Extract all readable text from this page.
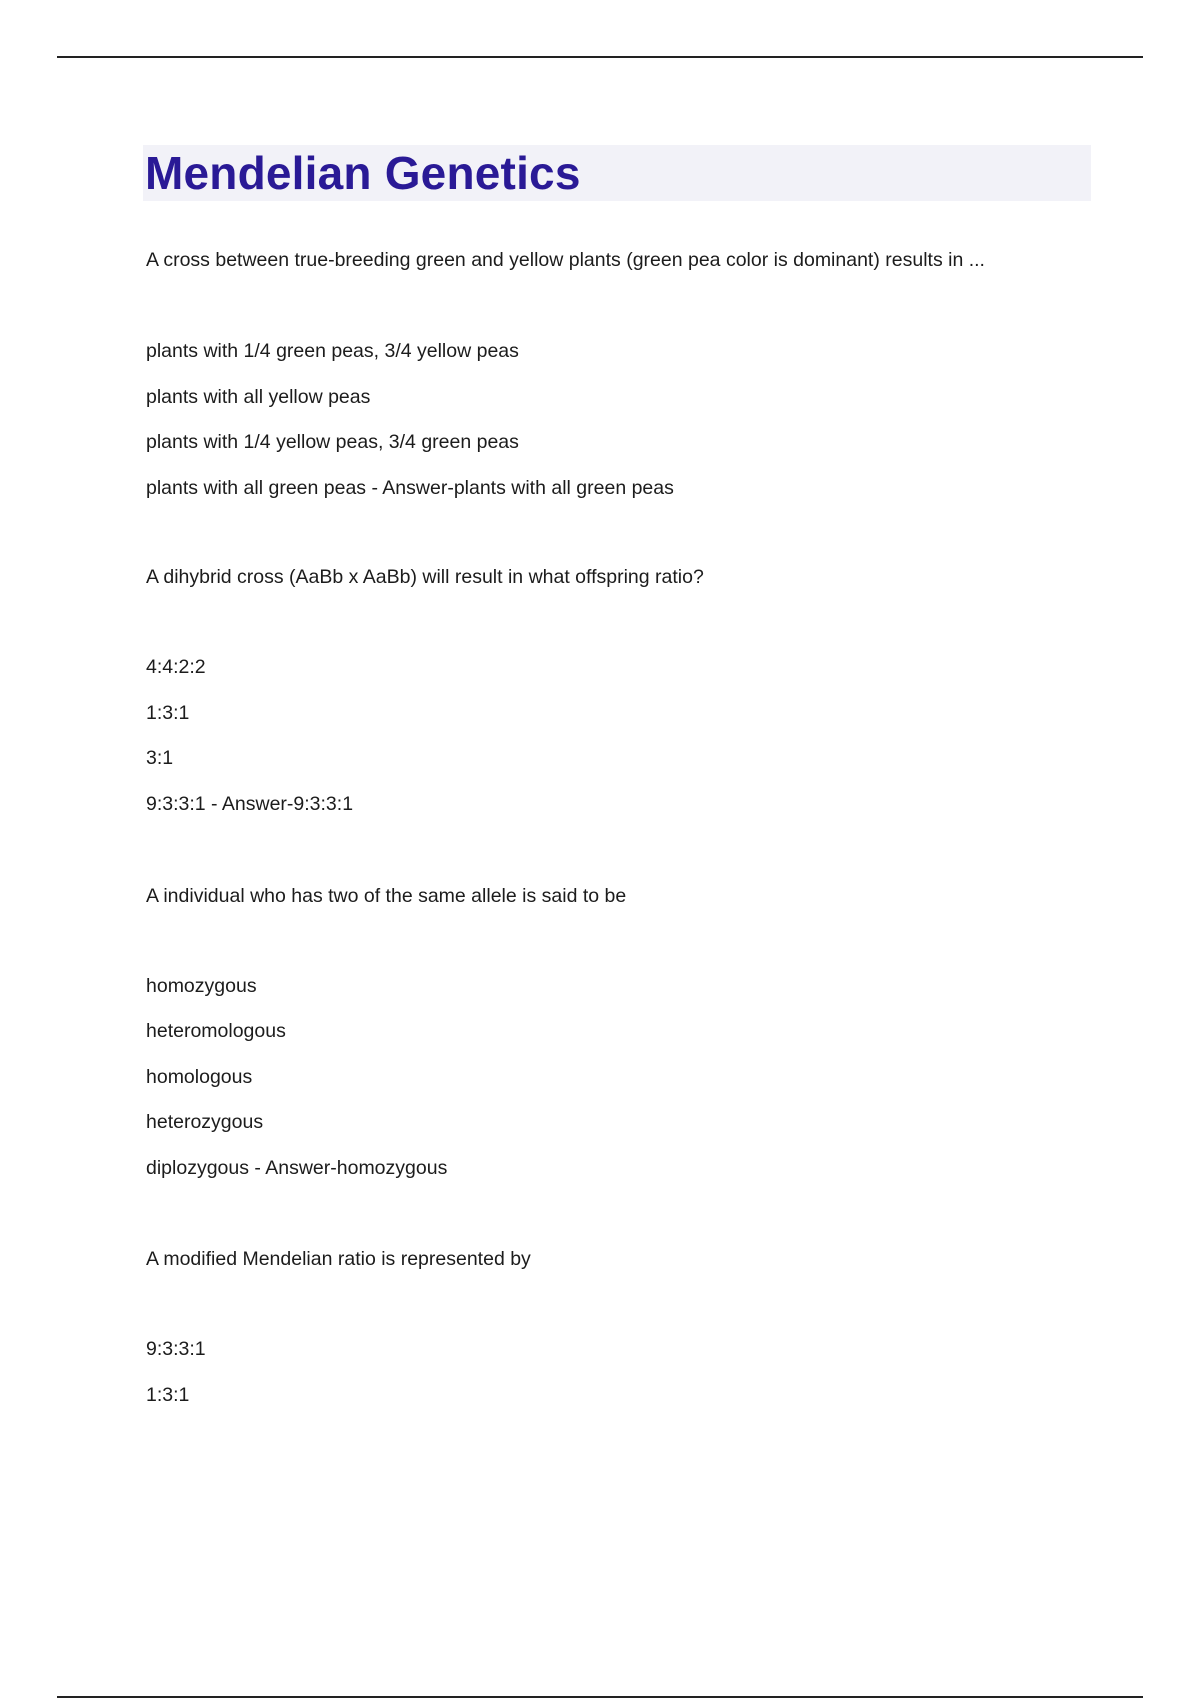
Mendelian Genetics
A cross between true-breeding green and yellow plants (green pea color is dominant) results in ...
plants with 1/4 green peas, 3/4 yellow peas
plants with all yellow peas
plants with 1/4 yellow peas, 3/4 green peas
plants with all green peas - Answer-plants with all green peas
A dihybrid cross (AaBb x AaBb) will result in what offspring ratio?
4:4:2:2
1:3:1
3:1
9:3:3:1 - Answer-9:3:3:1
A individual who has two of the same allele is said to be
homozygous
heteromologous
homologous
heterozygous
diplozygous - Answer-homozygous
A modified Mendelian ratio is represented by
9:3:3:1
1:3:1
